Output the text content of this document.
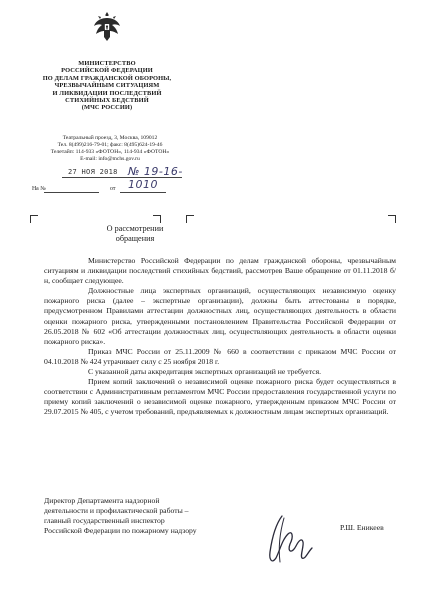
МИНИСТЕРСТВО
РОССИЙСКОЙ ФЕДЕРАЦИИ
ПО ДЕЛАМ ГРАЖДАНСКОЙ ОБОРОНЫ,
ЧРЕЗВЫЧАЙНЫМ СИТУАЦИЯМ
И ЛИКВИДАЦИИ ПОСЛЕДСТВИЙ
СТИХИЙНЫХ БЕДСТВИЙ
(МЧС РОССИИ)
Театральный проезд, 3, Москва, 109012
Тел. 8(499)216-79-01; факс: 8(495)624-19-46
Телетайп: 114-933 «ФОТОН», 114-934 «ФОТОН»
E-mail: info@mchs.gov.ru
27 НОЯ 2018 № 19-16-1010
На №	от
О рассмотрении
обращения

Министерство Российской Федерации по делам гражданской обороны, чрезвычайным ситуациям и ликвидации последствий стихийных бедствий, рассмотрев Ваше обращение от 01.11.2018 б/н, сообщает следующее.

Должностные лица экспертных организаций, осуществляющих независимую оценку пожарного риска (далее – экспертные организации), должны быть аттестованы в порядке, предусмотренном Правилами аттестации должностных лиц, осуществляющих деятельность в области оценки пожарного риска, утвержденными постановлением Правительства Российской Федерации от 26.05.2018 № 602 «Об аттестации должностных лиц, осуществляющих деятельность в области оценки пожарного риска».

Приказ МЧС России от 25.11.2009 № 660 в соответствии с приказом МЧС России от 04.10.2018 № 424 утрачивает силу с 25 ноября 2018 г.

С указанной даты аккредитация экспертных организаций не требуется.

Прием копий заключений о независимой оценке пожарного риска будет осуществляться в соответствии с Административным регламентом МЧС России предоставления государственной услуги по приему копий заключений о независимой оценке пожарного, утвержденным приказом МЧС России от 29.07.2015 № 405, с учетом требований, предъявляемых к должностным лицам экспертных организаций.

Директор Департамента надзорной
деятельности и профилактической работы –
главный государственный инспектор
Российской Федерации по пожарному надзору	Р.Ш. Еникеев
